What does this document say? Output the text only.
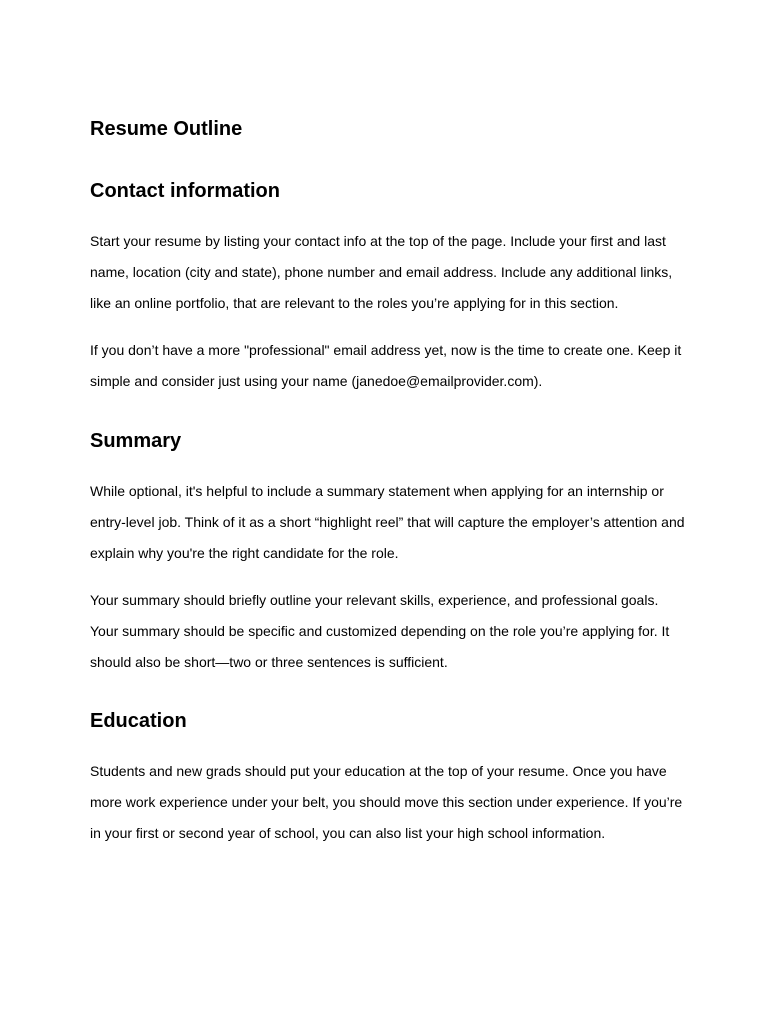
Resume Outline
Contact information

Start your resume by listing your contact info at the top of the page. Include your first and last name, location (city and state), phone number and email address. Include any additional links, like an online portfolio, that are relevant to the roles you’re applying for in this section.

If you don’t have a more "professional" email address yet, now is the time to create one. Keep it simple and consider just using your name (janedoe@emailprovider.com).

Summary

While optional, it's helpful to include a summary statement when applying for an internship or entry-level job. Think of it as a short “highlight reel” that will capture the employer’s attention and explain why you're the right candidate for the role.

Your summary should briefly outline your relevant skills, experience, and professional goals. Your summary should be specific and customized depending on the role you’re applying for. It should also be short—two or three sentences is sufficient.

Education

Students and new grads should put your education at the top of your resume. Once you have more work experience under your belt, you should move this section under experience. If you’re in your first or second year of school, you can also list your high school information.
